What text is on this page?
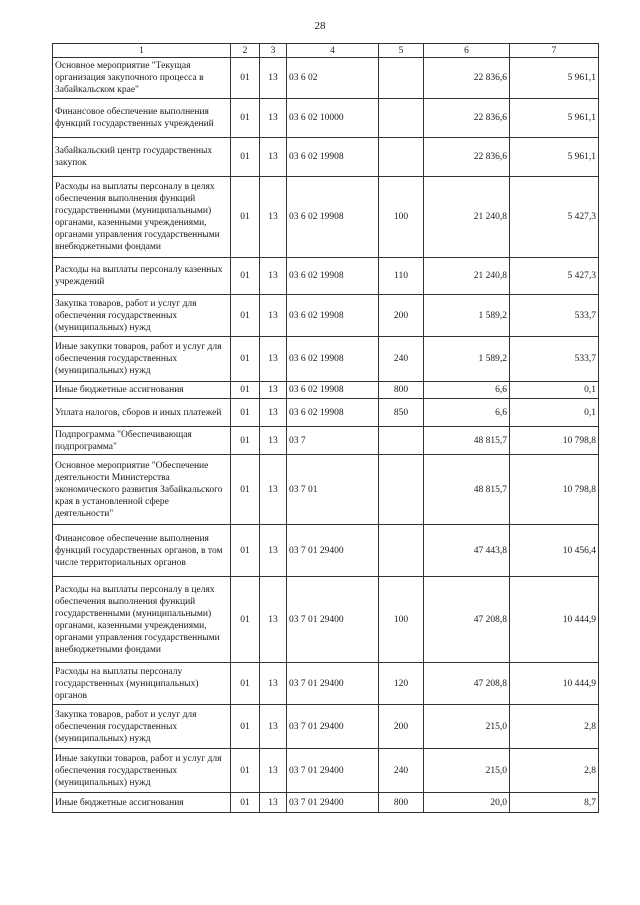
28
1	2	3	4	5	6	7
Основное мероприятие "Текущая организация закупочного процесса в Забайкальском крае"	01	13	03 6 02		22 836,6	5 961,1
Финансовое обеспечение выполнения функций государственных учреждений	01	13	03 6 02 10000		22 836,6	5 961,1
Забайкальский центр государственных закупок	01	13	03 6 02 19908		22 836,6	5 961,1
Расходы на выплаты персоналу в целях обеспечения выполнения функций государственными (муниципальными) органами, казенными учреждениями, органами управления государственными внебюджетными фондами	01	13	03 6 02 19908	100	21 240,8	5 427,3
Расходы на выплаты персоналу казенных учреждений	01	13	03 6 02 19908	110	21 240,8	5 427,3
Закупка товаров, работ и услуг для обеспечения государственных (муниципальных) нужд	01	13	03 6 02 19908	200	1 589,2	533,7
Иные закупки товаров, работ и услуг для обеспечения государственных (муниципальных) нужд	01	13	03 6 02 19908	240	1 589,2	533,7
Иные бюджетные ассигнования	01	13	03 6 02 19908	800	6,6	0,1
Уплата налогов, сборов и иных платежей	01	13	03 6 02 19908	850	6,6	0,1
Подпрограмма "Обеспечивающая подпрограмма"	01	13	03 7		48 815,7	10 798,8
Основное мероприятие "Обеспечение деятельности Министерства экономического развития Забайкальского края в установленной сфере деятельности"	01	13	03 7 01		48 815,7	10 798,8
Финансовое обеспечение выполнения функций государственных органов, в том числе территориальных органов	01	13	03 7 01 29400		47 443,8	10 456,4
Расходы на выплаты персоналу в целях обеспечения выполнения функций государственными (муниципальными) органами, казенными учреждениями, органами управления государственными внебюджетными фондами	01	13	03 7 01 29400	100	47 208,8	10 444,9
Расходы на выплаты персоналу государственных (муниципальных) органов	01	13	03 7 01 29400	120	47 208,8	10 444,9
Закупка товаров, работ и услуг для обеспечения государственных (муниципальных) нужд	01	13	03 7 01 29400	200	215,0	2,8
Иные закупки товаров, работ и услуг для обеспечения государственных (муниципальных) нужд	01	13	03 7 01 29400	240	215,0	2,8
Иные бюджетные ассигнования	01	13	03 7 01 29400	800	20,0	8,7
